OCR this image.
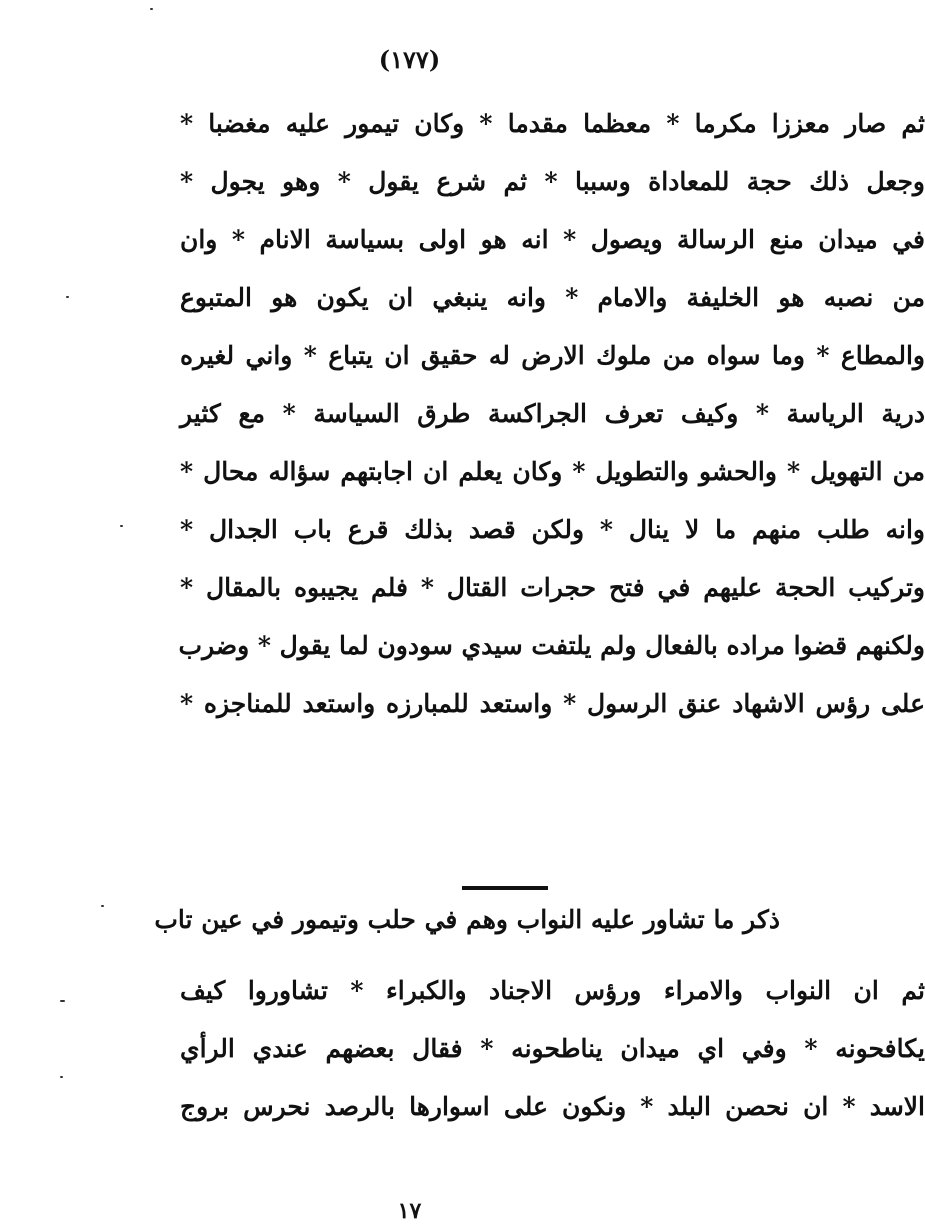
(۱۷۷)
ثم صار معززا مكرما * معظما مقدما * وكان تيمور عليه مغضبا *
وجعل ذلك حجة للمعاداة وسببا * ثم شرع يقول * وهو يجول *
في ميدان منع الرسالة ويصول * انه هو اولى بسياسة الانام * وان
من نصبه هو الخليفة والامام * وانه ينبغي ان يكون هو المتبوع
والمطاع * وما سواه من ملوك الارض له حقيق ان يتباع * واني لغيره
درية الرياسة * وكيف تعرف الجراكسة طرق السياسة * مع كثير
من التهويل * والحشو والتطويل * وكان يعلم ان اجابتهم سؤاله محال *
وانه طلب منهم ما لا ينال * ولكن قصد بذلك قرع باب الجدال *
وتركيب الحجة عليهم في فتح حجرات القتال * فلم يجيبوه بالمقال *
ولكنهم قضوا مراده بالفعال ولم يلتفت سيدي سودون لما يقول * وضرب
على رؤس الاشهاد عنق الرسول * واستعد للمبارزه واستعد للمناجزه *
ذكر ما تشاور عليه النواب وهم في حلب وتيمور في عين تاب
ثم ان النواب والامراء ورؤس الاجناد والكبراء * تشاوروا كيف
يكافحونه * وفي اي ميدان يناطحونه * فقال بعضهم عندي الرأي
الاسد * ان نحصن البلد * ونكون على اسوارها بالرصد نحرس بروج
١٧
